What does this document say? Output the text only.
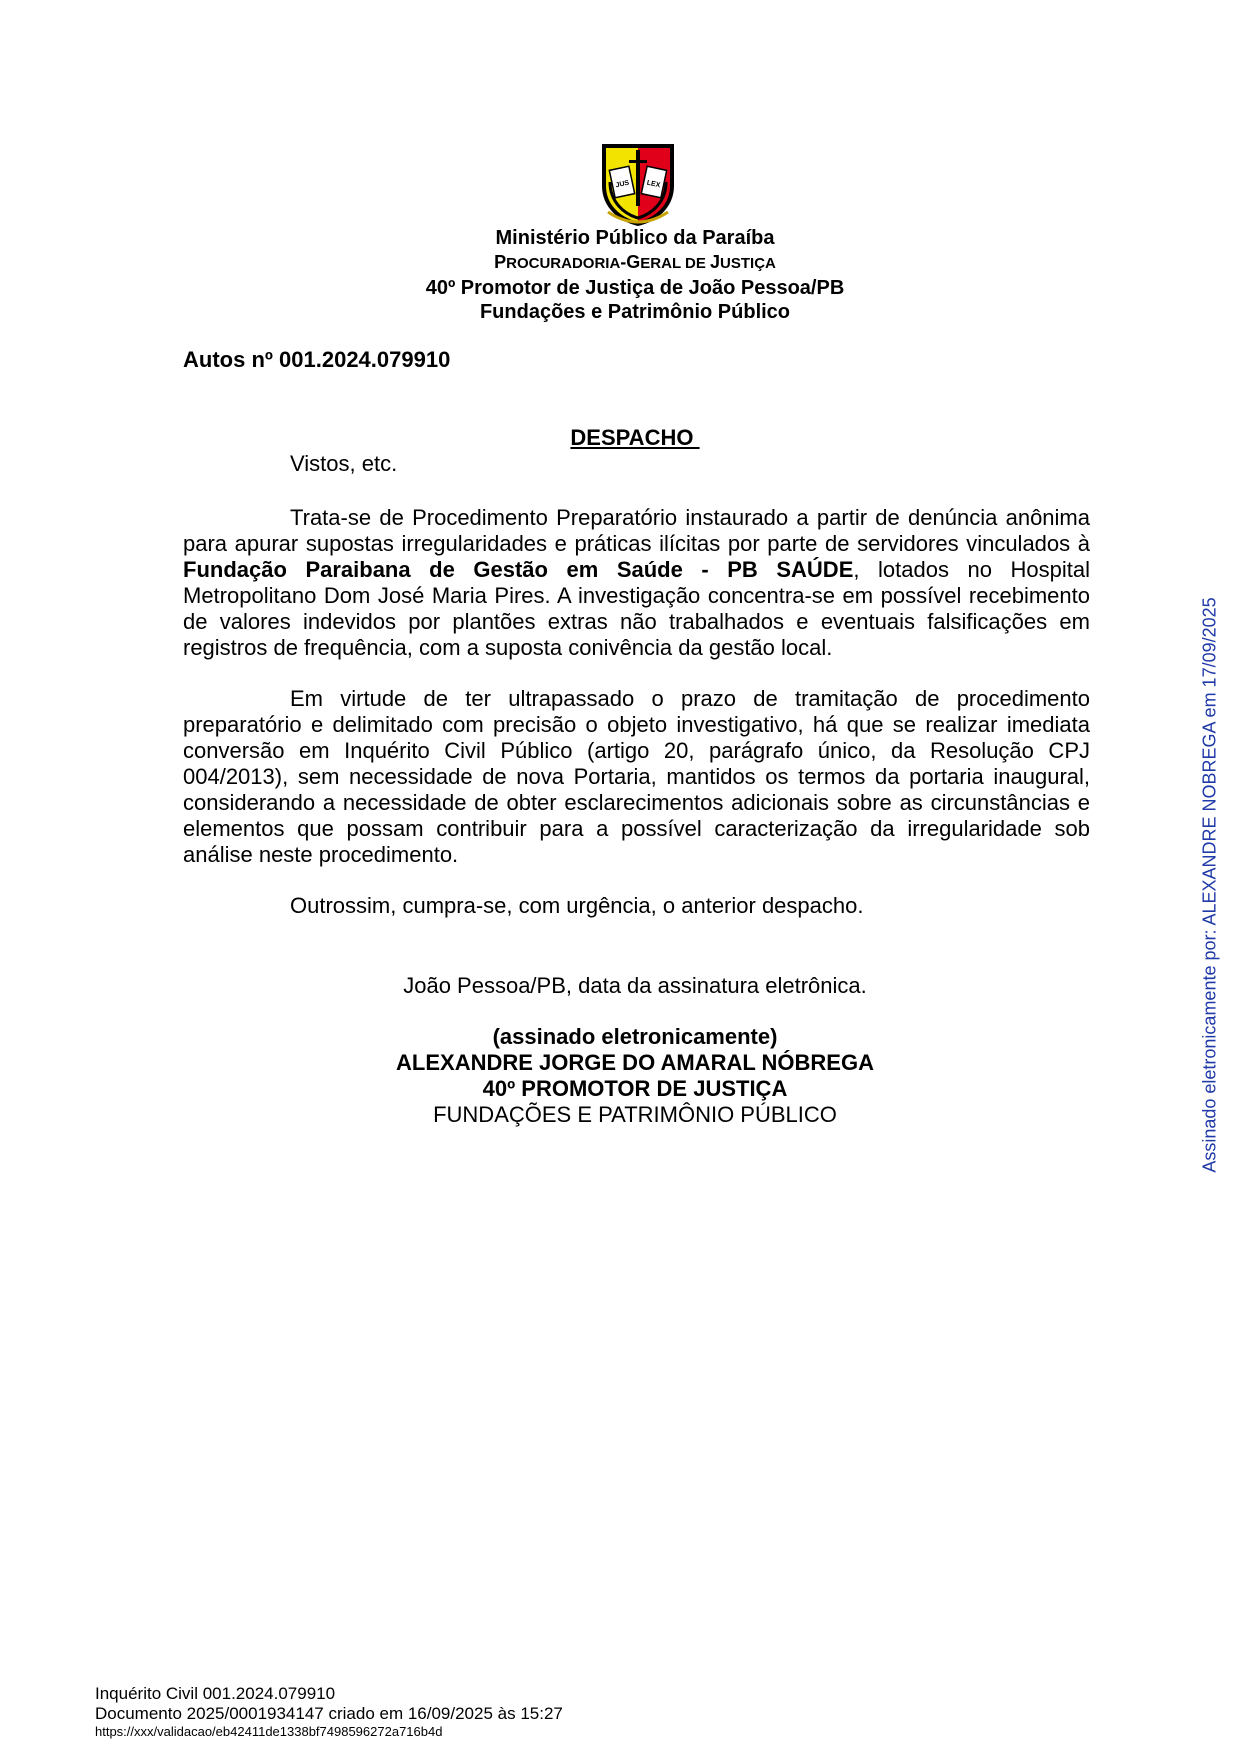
JUS LEX
Ministério Público da Paraíba
PROCURADORIA-GERAL DE JUSTIÇA
40º Promotor de Justiça de João Pessoa/PB
Fundações e Patrimônio Público
Autos nº 001.2024.079910
DESPACHO

Vistos, etc.

Trata-se de Procedimento Preparatório instaurado a partir de denúncia anônima para apurar supostas irregularidades e práticas ilícitas por parte de servidores vinculados à Fundação Paraibana de Gestão em Saúde - PB SAÚDE, lotados no Hospital Metropolitano Dom José Maria Pires. A investigação concentra-se em possível recebimento de valores indevidos por plantões extras não trabalhados e eventuais falsificações em registros de frequência, com a suposta conivência da gestão local.

Em virtude de ter ultrapassado o prazo de tramitação de procedimento preparatório e delimitado com precisão o objeto investigativo, há que se realizar imediata conversão em Inquérito Civil Público (artigo 20, parágrafo único, da Resolução CPJ 004/2013), sem necessidade de nova Portaria, mantidos os termos da portaria inaugural, considerando a necessidade de obter esclarecimentos adicionais sobre as circunstâncias e elementos que possam contribuir para a possível caracterização da irregularidade sob análise neste procedimento.

Outrossim, cumpra-se, com urgência, o anterior despacho.

João Pessoa/PB, data da assinatura eletrônica.
(assinado eletronicamente)
ALEXANDRE JORGE DO AMARAL NÓBREGA
40º PROMOTOR DE JUSTIÇA
FUNDAÇÕES E PATRIMÔNIO PÚBLICO	Assinado eletronicamente por: ALEXANDRE NOBREGA em 17/09/2025
Inquérito Civil 001.2024.079910
Documento 2025/0001934147 criado em 16/09/2025 às 15:27
https://xxx/validacao/eb42411de1338bf7498596272a716b4d
